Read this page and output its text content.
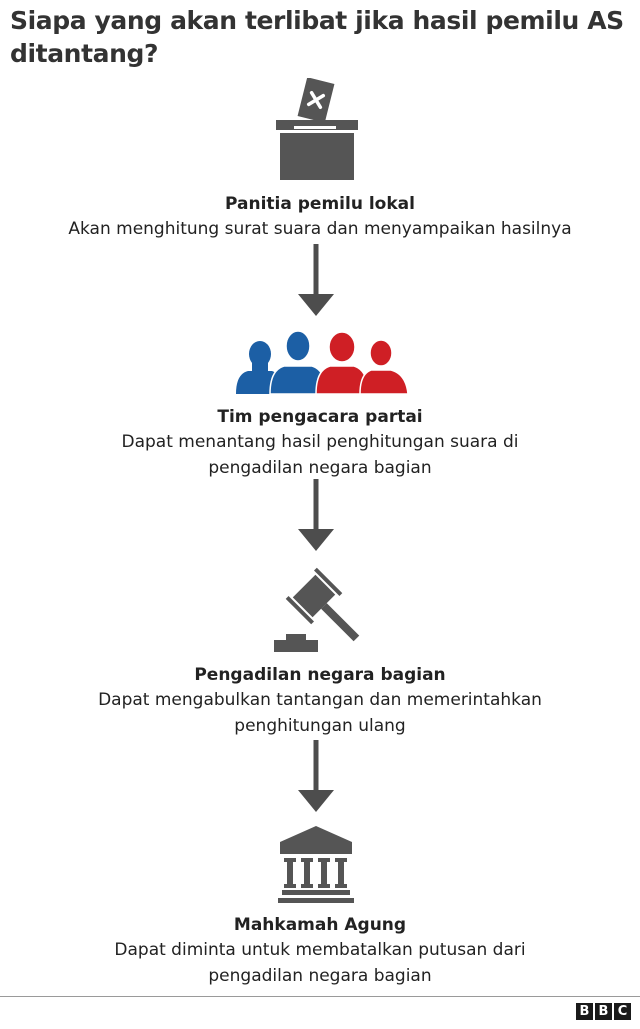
Siapa yang akan terlibat jika hasil pemilu AS ditantang?
Panitia pemilu lokal
Akan menghitung surat suara dan menyampaikan hasilnya
Tim pengacara partai
Dapat menantang hasil penghitungan suara di pengadilan negara bagian
Pengadilan negara bagian
Dapat mengabulkan tantangan dan memerintahkan penghitungan ulang
Mahkamah Agung
Dapat diminta untuk membatalkan putusan dari pengadilan negara bagian
B B C
